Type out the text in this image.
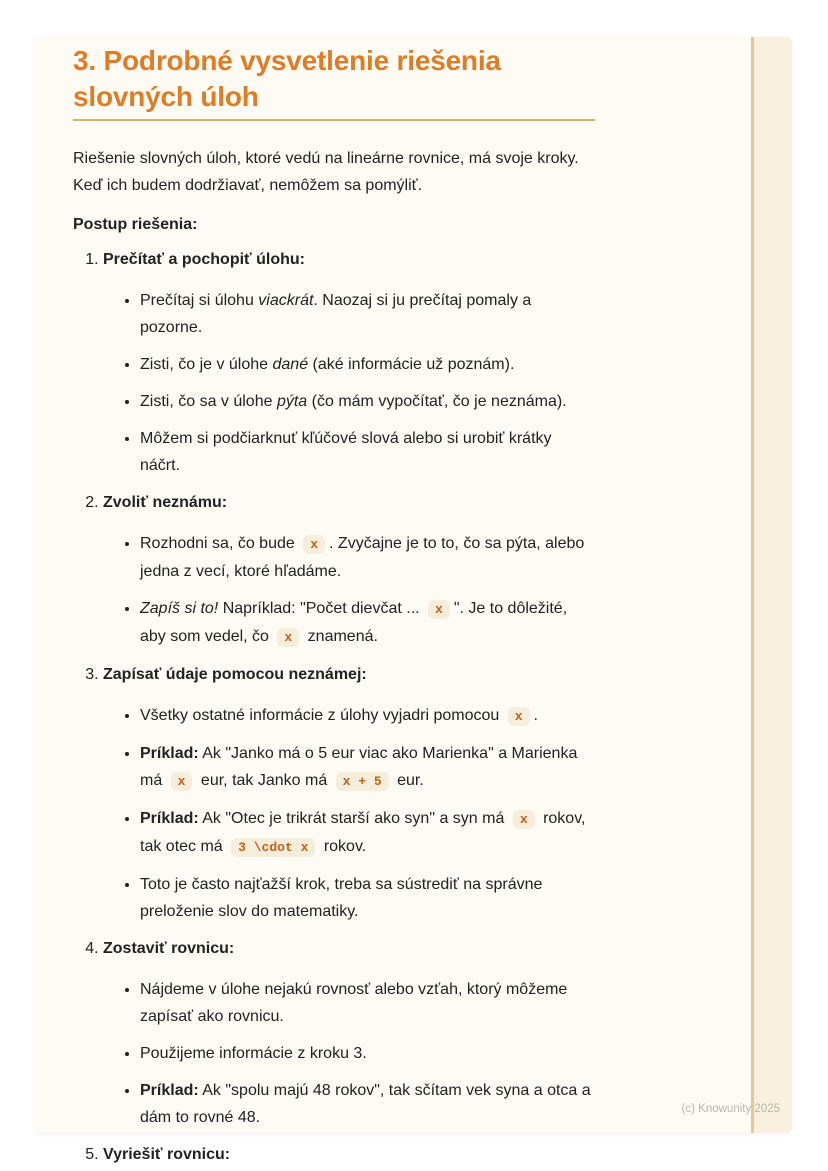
3. Podrobné vysvetlenie riešenia slovných úloh

Riešenie slovných úloh, ktoré vedú na lineárne rovnice, má svoje kroky. Keď ich budem dodržiavať, nemôžem sa pomýliť.

Postup riešenia:

1. Prečítať a pochopiť úlohu:
• Prečítaj si úlohu viackrát. Naozaj si ju prečítaj pomaly a pozorne.
• Zisti, čo je v úlohe dané (aké informácie už poznám).
• Zisti, čo sa v úlohe pýta (čo mám vypočítať, čo je neznáma).
• Môžem si podčiarknuť kľúčové slová alebo si urobiť krátky náčrt.
2. Zvoliť neznámu:
• Rozhodni sa, čo bude x . Zvyčajne je to to, čo sa pýta, alebo jedna z vecí, ktoré hľadáme.
• Zapíš si to! Napríklad: "Počet dievčat ... x ". Je to dôležité, aby som vedel, čo x znamená.
3. Zapísať údaje pomocou neznámej:
• Všetky ostatné informácie z úlohy vyjadri pomocou x .
• Príklad: Ak "Janko má o 5 eur viac ako Marienka" a Marienka má x eur, tak Janko má x + 5 eur.
• Príklad: Ak "Otec je trikrát starší ako syn" a syn má x rokov, tak otec má 3 \cdot x rokov.
• Toto je často najťažší krok, treba sa sústrediť na správne preloženie slov do matematiky.
4. Zostaviť rovnicu:
• Nájdeme v úlohe nejakú rovnosť alebo vzťah, ktorý môžeme zapísať ako rovnicu.
• Použijeme informácie z kroku 3.
• Príklad: Ak "spolu majú 48 rokov", tak sčítam vek syna a otca a dám to rovné 48.
5. Vyriešiť rovnicu:
(c) Knowunity 2025
